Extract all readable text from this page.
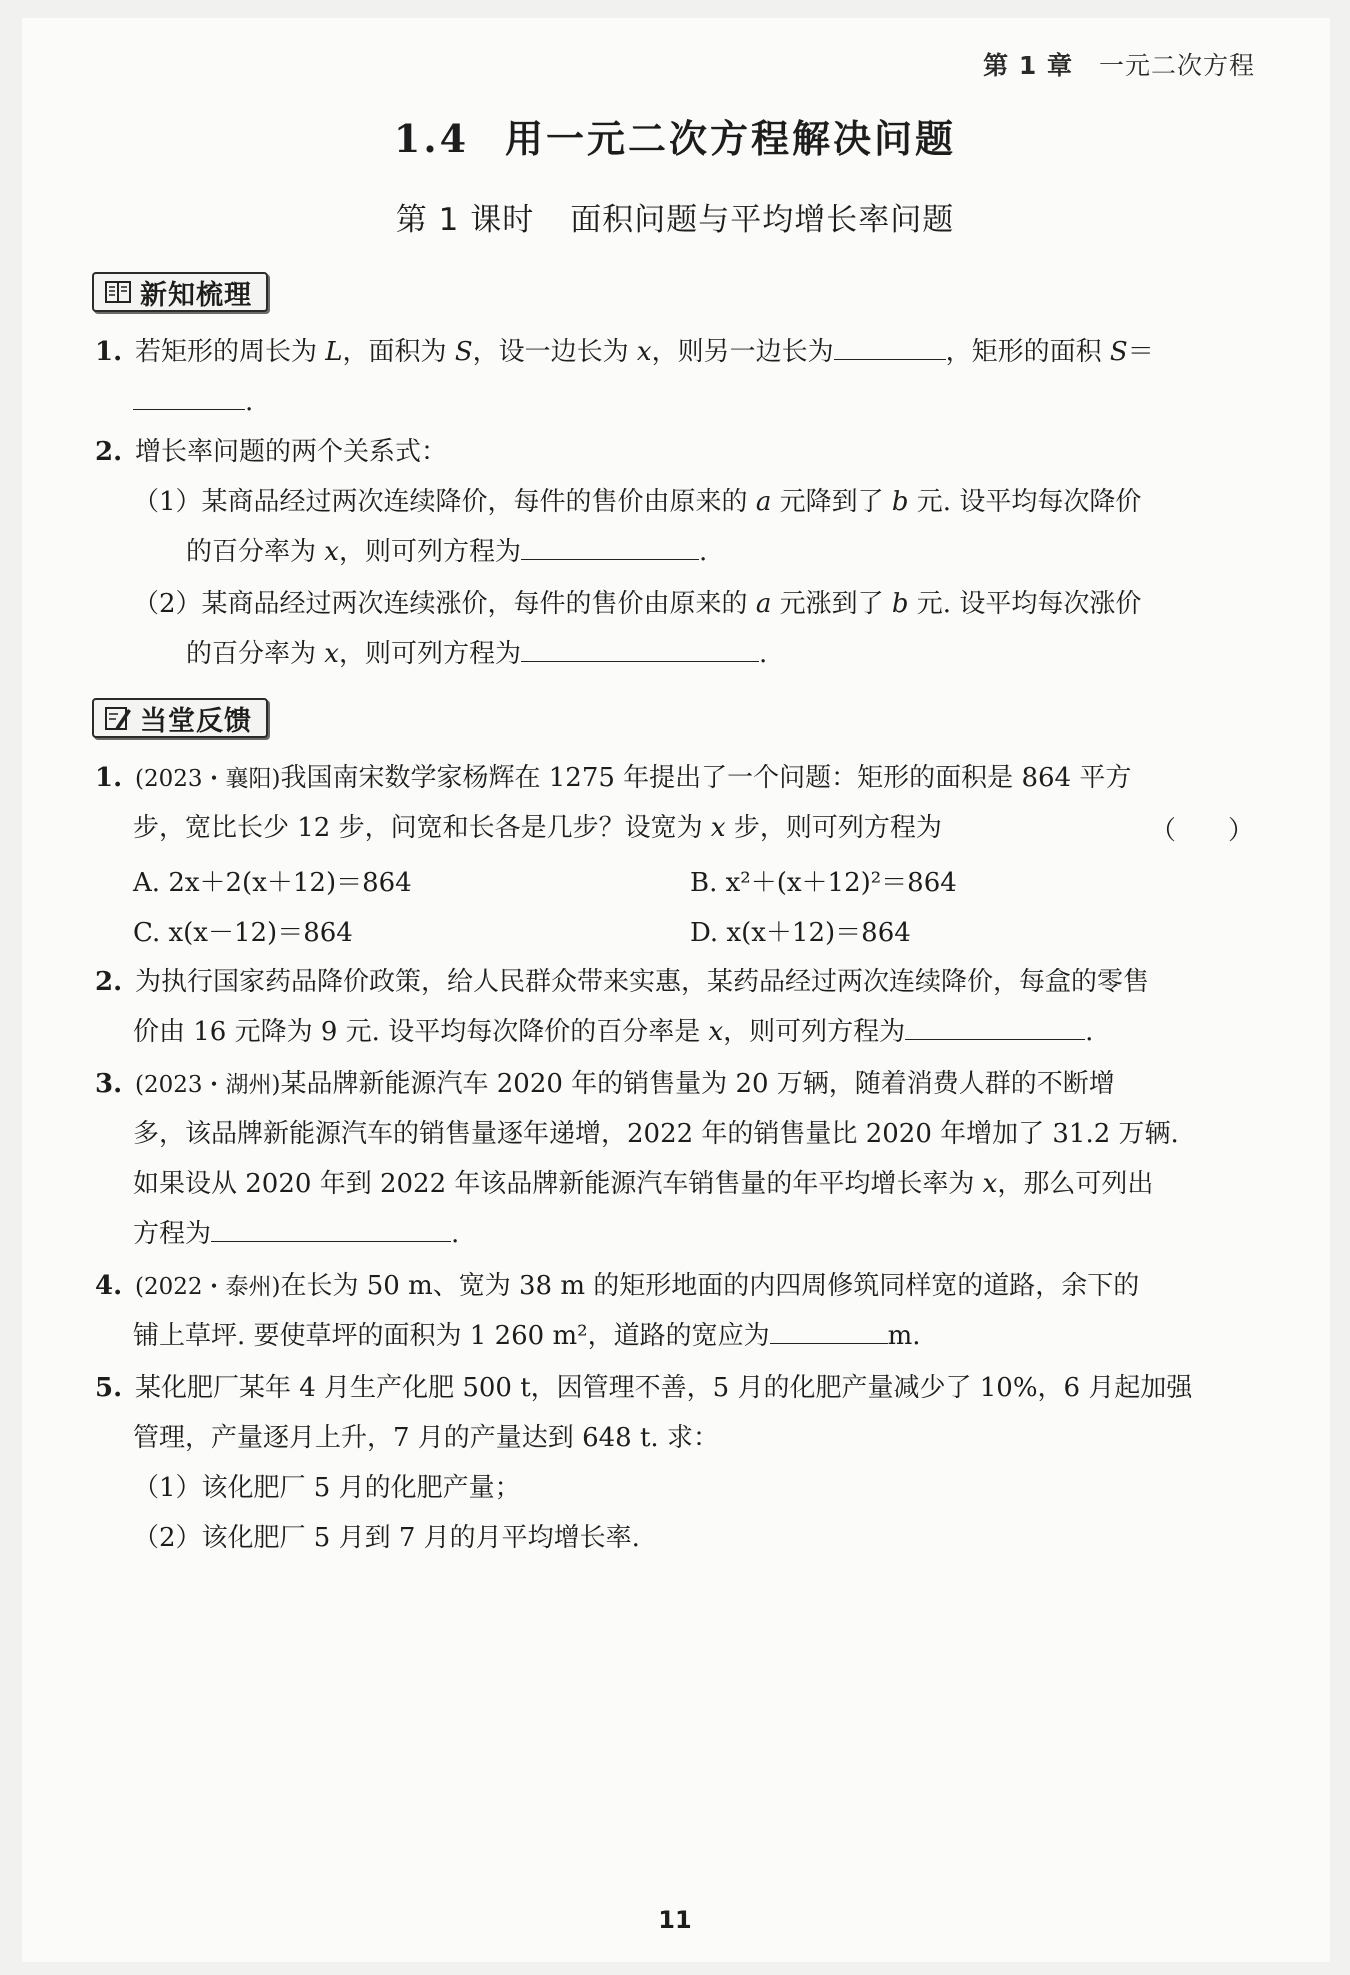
第 1 章 一元二次方程
1.4 用一元二次方程解决问题
第 1 课时 面积问题与平均增长率问题
新知梳理
1. 若矩形的周长为 L，面积为 S，设一边长为 x，则另一边长为	，矩形的面积 S＝
.
2. 增长率问题的两个关系式：
（1）某商品经过两次连续降价，每件的售价由原来的 a 元降到了 b 元. 设平均每次降价
的百分率为 x，则可列方程为	.
（2）某商品经过两次连续涨价，每件的售价由原来的 a 元涨到了 b 元. 设平均每次涨价
的百分率为 x，则可列方程为	.
当堂反馈
1. (2023・襄阳)我国南宋数学家杨辉在 1275 年提出了一个问题：矩形的面积是 864 平方
步，宽比长少 12 步，问宽和长各是几步？设宽为 x 步，则可列方程为	（　　）
A. 2x＋2(x＋12)＝864	B. x²＋(x＋12)²＝864
C. x(x－12)＝864	D. x(x＋12)＝864
2. 为执行国家药品降价政策，给人民群众带来实惠，某药品经过两次连续降价，每盒的零售
价由 16 元降为 9 元. 设平均每次降价的百分率是 x，则可列方程为	.
3. (2023・湖州)某品牌新能源汽车 2020 年的销售量为 20 万辆，随着消费人群的不断增
多，该品牌新能源汽车的销售量逐年递增，2022 年的销售量比 2020 年增加了 31.2 万辆.
如果设从 2020 年到 2022 年该品牌新能源汽车销售量的年平均增长率为 x，那么可列出
方程为	.
4. (2022・泰州)在长为 50 m、宽为 38 m 的矩形地面的内四周修筑同样宽的道路，余下的
铺上草坪. 要使草坪的面积为 1 260 m²，道路的宽应为	m.
5. 某化肥厂某年 4 月生产化肥 500 t，因管理不善，5 月的化肥产量减少了 10%，6 月起加强
管理，产量逐月上升，7 月的产量达到 648 t. 求：
（1）该化肥厂 5 月的化肥产量；
（2）该化肥厂 5 月到 7 月的月平均增长率.
11
